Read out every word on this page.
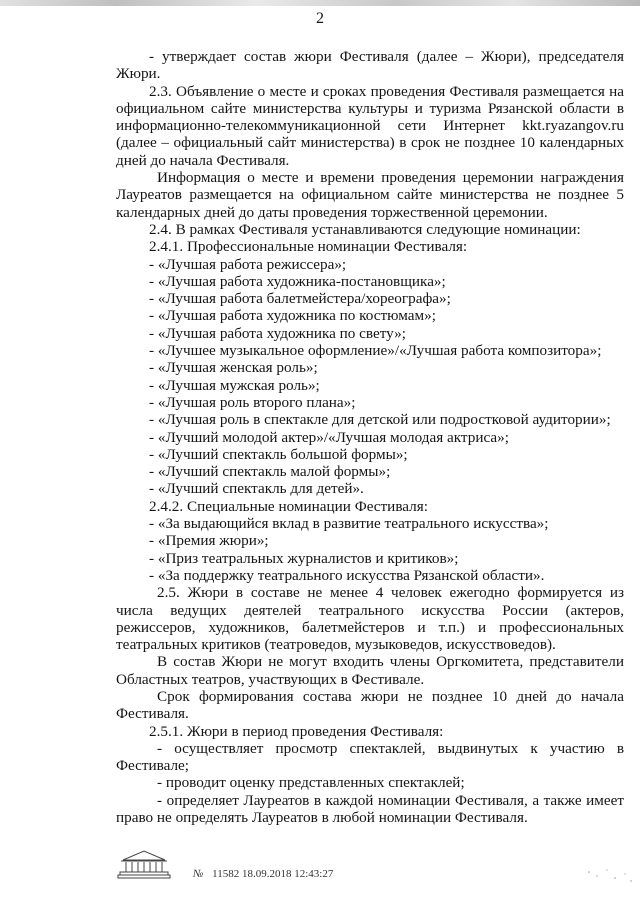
2

- утверждает состав жюри Фестиваля (далее – Жюри), председателя Жюри.

2.3. Объявление о месте и сроках проведения Фестиваля размещается на официальном сайте министерства культуры и туризма Рязанской области в информационно-телекоммуникационной сети Интернет kkt.ryazangov.ru (далее – официальный сайт министерства) в срок не позднее 10 календарных дней до начала Фестиваля.

Информация о месте и времени проведения церемонии награждения Лауреатов размещается на официальном сайте министерства не позднее 5 календарных дней до даты проведения торжественной церемонии.

2.4. В рамках Фестиваля устанавливаются следующие номинации:

2.4.1. Профессиональные номинации Фестиваля:

- «Лучшая работа режиссера»;

- «Лучшая работа художника-постановщика»;

- «Лучшая работа балетмейстера/хореографа»;

- «Лучшая работа художника по костюмам»;

- «Лучшая работа художника по свету»;

- «Лучшее музыкальное оформление»/«Лучшая работа композитора»;

- «Лучшая женская роль»;

- «Лучшая мужская роль»;

- «Лучшая роль второго плана»;

- «Лучшая роль в спектакле для детской или подростковой аудитории»;

- «Лучший молодой актер»/«Лучшая молодая актриса»;

- «Лучший спектакль большой формы»;

- «Лучший спектакль малой формы»;

- «Лучший спектакль для детей».

2.4.2. Специальные номинации Фестиваля:

- «За выдающийся вклад в развитие театрального искусства»;

- «Премия жюри»;

- «Приз театральных журналистов и критиков»;

- «За поддержку театрального искусства Рязанской области».

2.5. Жюри в составе не менее 4 человек ежегодно формируется из числа ведущих деятелей театрального искусства России (актеров, режиссеров, художников, балетмейстеров и т.п.) и профессиональных театральных критиков (театроведов, музыковедов, искусствоведов).

В состав Жюри не могут входить члены Оргкомитета, представители Областных театров, участвующих в Фестивале.

Срок формирования состава жюри не позднее 10 дней до начала Фестиваля.

2.5.1. Жюри в период проведения Фестиваля:

- осуществляет просмотр спектаклей, выдвинутых к участию в Фестивале;

- проводит оценку представленных спектаклей;

- определяет Лауреатов в каждой номинации Фестиваля, а также имеет право не определять Лауреатов в любой номинации Фестиваля.

№ 11582 18.09.2018 12:43:27
